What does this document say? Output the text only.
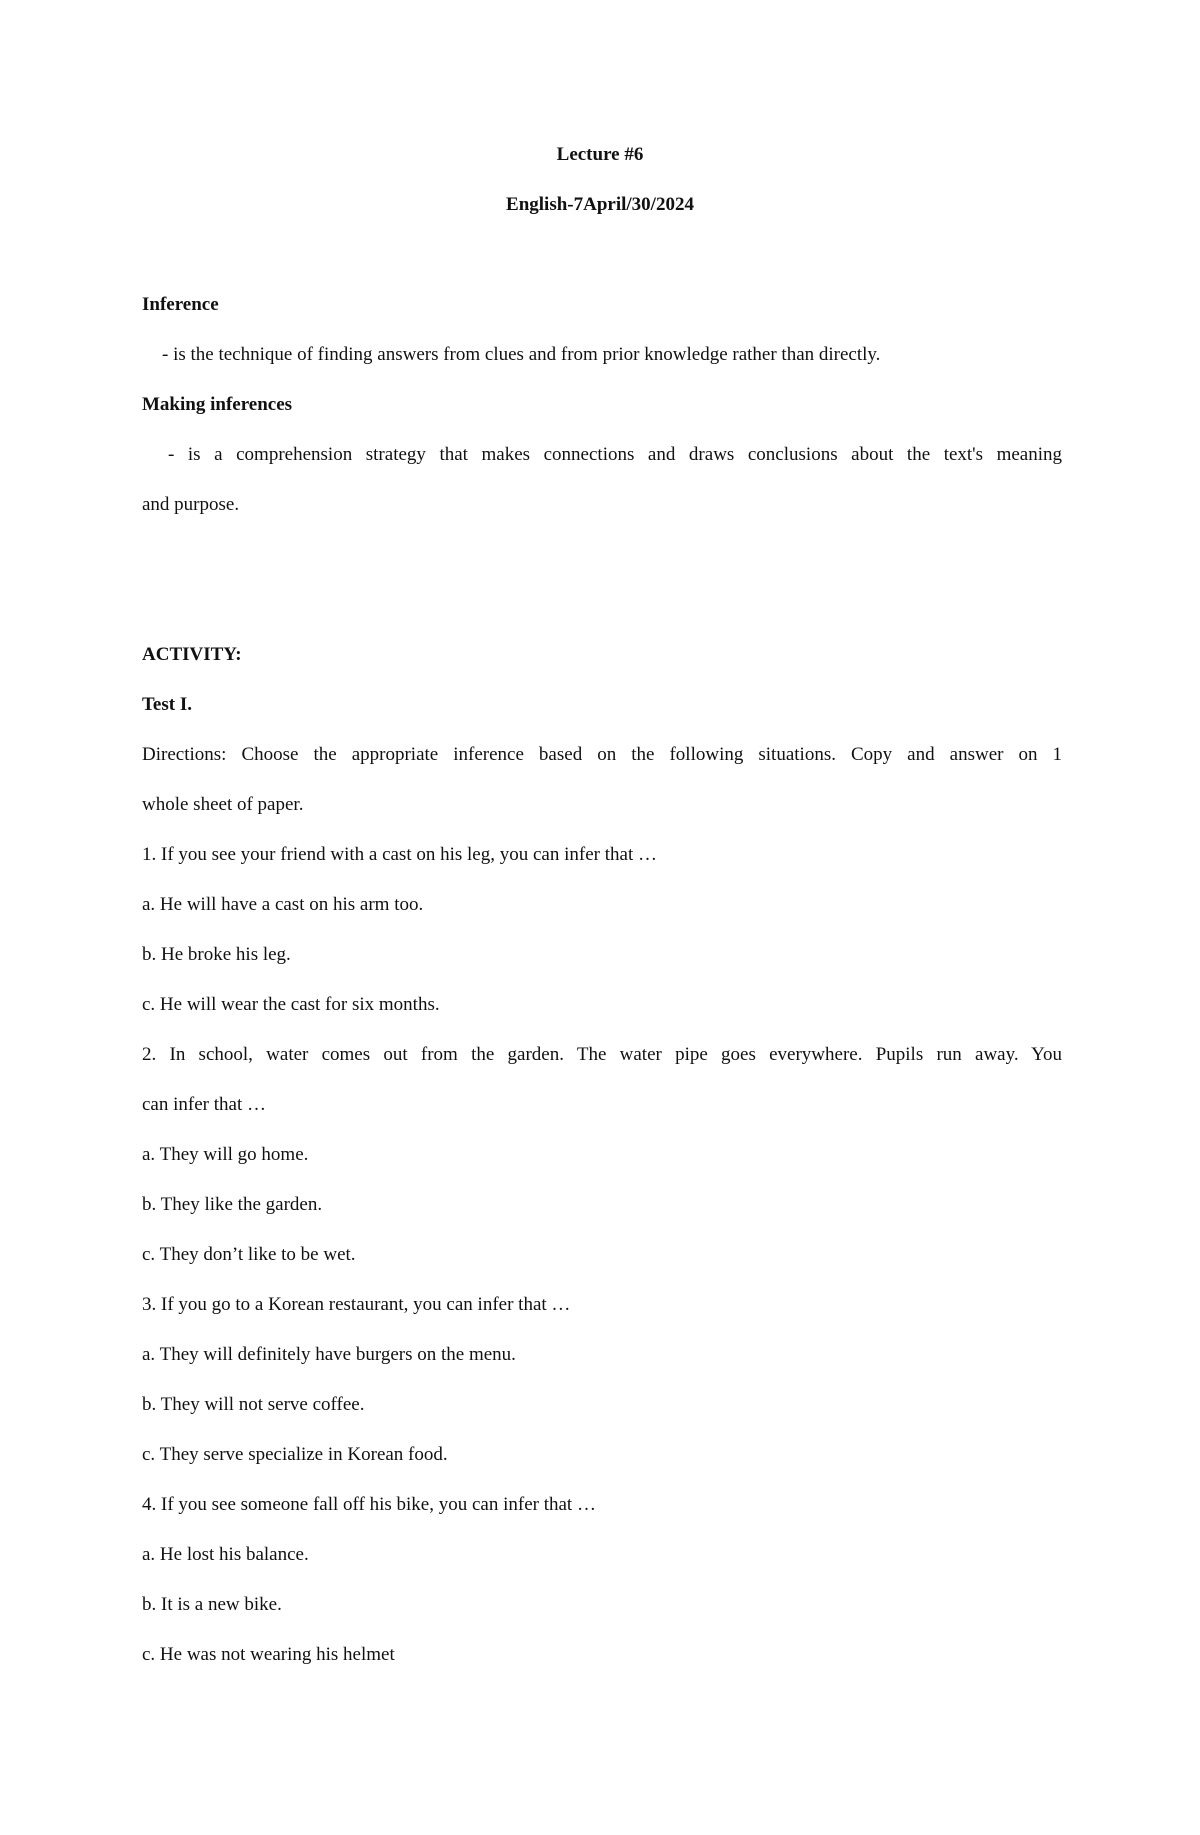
Lecture #6
English-7April/30/2024
Inference
- is the technique of finding answers from clues and from prior knowledge rather than directly.
Making inferences
- is a comprehension strategy that makes connections and draws conclusions about the text's meaning
and purpose.
ACTIVITY:
Test I.
Directions: Choose the appropriate inference based on the following situations. Copy and answer on 1
whole sheet of paper.
1. If you see your friend with a cast on his leg, you can infer that …
a. He will have a cast on his arm too.
b. He broke his leg.
c. He will wear the cast for six months.
2. In school, water comes out from the garden. The water pipe goes everywhere. Pupils run away. You
can infer that …
a. They will go home.
b. They like the garden.
c. They don’t like to be wet.
3. If you go to a Korean restaurant, you can infer that …
a. They will definitely have burgers on the menu.
b. They will not serve coffee.
c. They serve specialize in Korean food.
4. If you see someone fall off his bike, you can infer that …
a. He lost his balance.
b. It is a new bike.
c. He was not wearing his helmet
